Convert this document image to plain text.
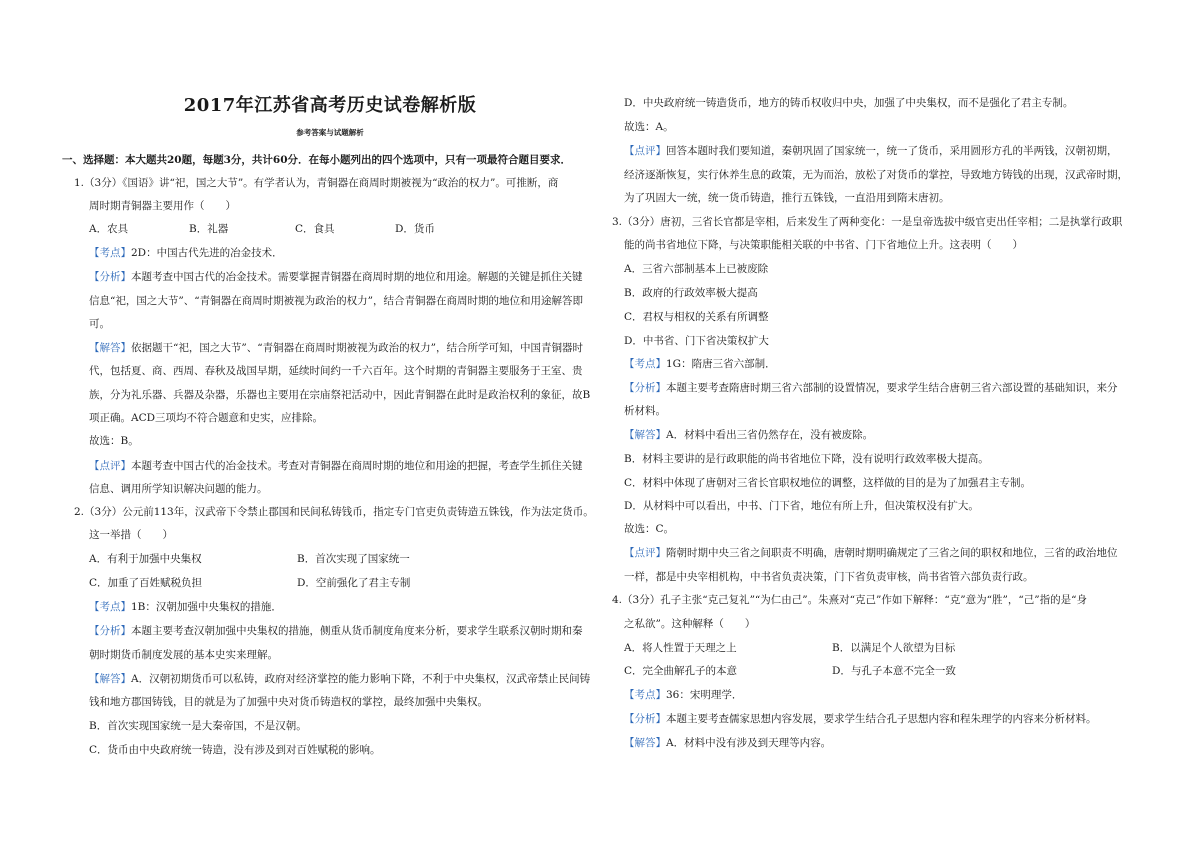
2017年江苏省高考历史试卷解析版
参考答案与试题解析
一、选择题：本大题共20题，每题3分，共计60分．在每小题列出的四个选项中，只有一项最符合题目要求．
1.（3分）《国语》讲“祀，国之大节”。有学者认为，青铜器在商周时期被视为“政治的权力”。可推断，商
周时期青铜器主要用作（　　）
A．农具	B．礼器	C．食具	D．货币
【考点】2D：中国古代先进的冶金技术．
【分析】本题考查中国古代的冶金技术。需要掌握青铜器在商周时期的地位和用途。解题的关键是抓住关键
信息“祀，国之大节”、“青铜器在商周时期被视为政治的权力”，结合青铜器在商周时期的地位和用途解答即
可。
【解答】依据题干“祀，国之大节”、“青铜器在商周时期被视为政治的权力”，结合所学可知，中国青铜器时
代，包括夏、商、西周、春秋及战国早期，延续时间约一千六百年。这个时期的青铜器主要服务于王室、贵
族，分为礼乐器、兵器及杂器，乐器也主要用在宗庙祭祀活动中，因此青铜器在此时是政治权利的象征，故B
项正确。ACD三项均不符合题意和史实，应排除。
故选：B。
【点评】本题考查中国古代的冶金技术。考查对青铜器在商周时期的地位和用途的把握，考查学生抓住关键
信息、调用所学知识解决问题的能力。
2.（3分）公元前113年，汉武帝下令禁止郡国和民间私铸钱币，指定专门官吏负责铸造五铢钱，作为法定货币。
这一举措（　　）
A．有利于加强中央集权	B．首次实现了国家统一
C．加重了百姓赋税负担	D．空前强化了君主专制
【考点】1B：汉朝加强中央集权的措施．
【分析】本题主要考查汉朝加强中央集权的措施，侧重从货币制度角度来分析，要求学生联系汉朝时期和秦
朝时期货币制度发展的基本史实来理解。
【解答】A．汉朝初期货币可以私铸，政府对经济掌控的能力影响下降，不利于中央集权，汉武帝禁止民间铸
钱和地方郡国铸钱，目的就是为了加强中央对货币铸造权的掌控，最终加强中央集权。
B．首次实现国家统一是大秦帝国，不是汉朝。
C．货币由中央政府统一铸造，没有涉及到对百姓赋税的影响。
D．中央政府统一铸造货币，地方的铸币权收归中央，加强了中央集权，而不是强化了君主专制。
故选：A。
【点评】回答本题时我们要知道，秦朝巩固了国家统一，统一了货币，采用圆形方孔的半两钱，汉朝初期，
经济逐渐恢复，实行休养生息的政策，无为而治，放松了对货币的掌控，导致地方铸钱的出现，汉武帝时期，
为了巩固大一统，统一货币铸造，推行五铢钱，一直沿用到隋末唐初。
3.（3分）唐初，三省长官都是宰相，后来发生了两种变化：一是皇帝选拔中级官吏出任宰相；二是执掌行政职
能的尚书省地位下降，与决策职能相关联的中书省、门下省地位上升。这表明（　　）
A．三省六部制基本上已被废除
B．政府的行政效率极大提高
C．君权与相权的关系有所调整
D．中书省、门下省决策权扩大
【考点】1G：隋唐三省六部制．
【分析】本题主要考查隋唐时期三省六部制的设置情况，要求学生结合唐朝三省六部设置的基础知识，来分
析材料。
【解答】A．材料中看出三省仍然存在，没有被废除。
B．材料主要讲的是行政职能的尚书省地位下降，没有说明行政效率极大提高。
C．材料中体现了唐朝对三省长官职权地位的调整，这样做的目的是为了加强君主专制。
D．从材料中可以看出，中书、门下省，地位有所上升，但决策权没有扩大。
故选：C。
【点评】隋朝时期中央三省之间职责不明确，唐朝时期明确规定了三省之间的职权和地位，三省的政治地位
一样，都是中央宰相机构，中书省负责决策，门下省负责审核，尚书省管六部负责行政。
4.（3分）孔子主张“克己复礼”“为仁由己”。朱熹对“克己”作如下解释：“克”意为“胜”，“己”指的是“身
之私欲”。这种解释（　　）
A．将人性置于天理之上	B．以满足个人欲望为目标
C．完全曲解孔子的本意	D．与孔子本意不完全一致
【考点】36：宋明理学．
【分析】本题主要考查儒家思想内容发展，要求学生结合孔子思想内容和程朱理学的内容来分析材料。
【解答】A．材料中没有涉及到天理等内容。
